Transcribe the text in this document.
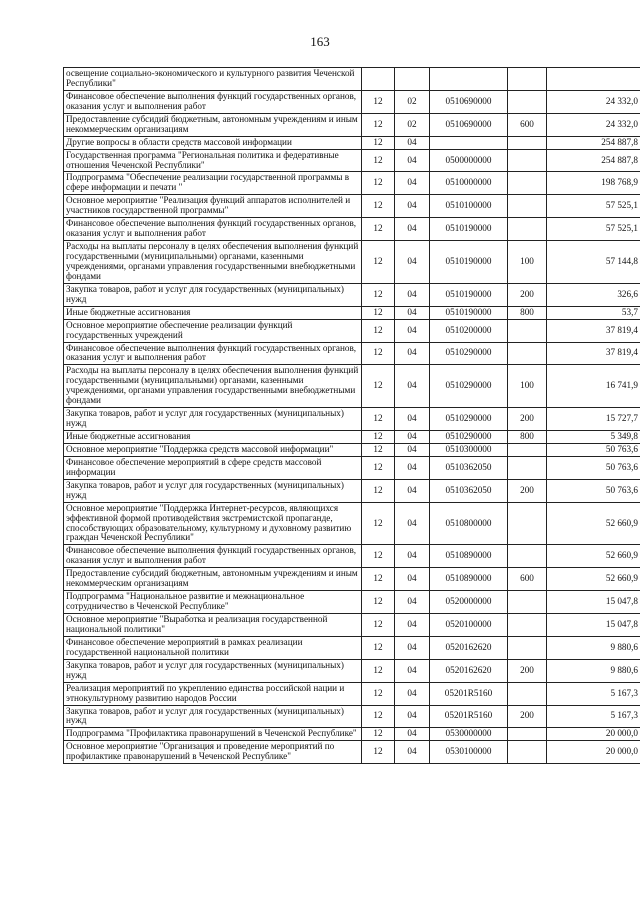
163
освещение социально-экономического и культурного развития Чеченской Республики"					
Финансовое обеспечение выполнения функций государственных органов, оказания услуг и выполнения работ	12	02	0510690000		24 332,0
Предоставление субсидий бюджетным, автономным учреждениям и иным некоммерческим организациям	12	02	0510690000	600	24 332,0
Другие вопросы в области средств массовой информации	12	04			254 887,8
Государственная программа "Региональная политика и федеративные отношения Чеченской Республики"	12	04	0500000000		254 887,8
Подпрограмма "Обеспечение реализации государственной программы в сфере информации и печати "	12	04	0510000000		198 768,9
Основное мероприятие "Реализация функций аппаратов исполнителей и участников государственной программы"	12	04	0510100000		57 525,1
Финансовое обеспечение выполнения функций государственных органов, оказания услуг и выполнения работ	12	04	0510190000		57 525,1
Расходы на выплаты персоналу в целях обеспечения выполнения функций государственными (муниципальными) органами, казенными учреждениями, органами управления государственными внебюджетными фондами	12	04	0510190000	100	57 144,8
Закупка товаров, работ и услуг для государственных (муниципальных) нужд	12	04	0510190000	200	326,6
Иные бюджетные ассигнования	12	04	0510190000	800	53,7
Основное мероприятие обеспечение реализации функций государственных учреждений	12	04	0510200000		37 819,4
Финансовое обеспечение выполнения функций государственных органов, оказания услуг и выполнения работ	12	04	0510290000		37 819,4
Расходы на выплаты персоналу в целях обеспечения выполнения функций государственными (муниципальными) органами, казенными учреждениями, органами управления государственными внебюджетными фондами	12	04	0510290000	100	16 741,9
Закупка товаров, работ и услуг для государственных (муниципальных) нужд	12	04	0510290000	200	15 727,7
Иные бюджетные ассигнования	12	04	0510290000	800	5 349,8
Основное мероприятие "Поддержка средств массовой информации"	12	04	0510300000		50 763,6
Финансовое обеспечение мероприятий в сфере средств массовой информации	12	04	0510362050		50 763,6
Закупка товаров, работ и услуг для государственных (муниципальных) нужд	12	04	0510362050	200	50 763,6
Основное мероприятие "Поддержка Интернет-ресурсов, являющихся эффективной формой противодействия экстремистской пропаганде, способствующих образовательному, культурному и духовному развитию граждан Чеченской Республики"	12	04	0510800000		52 660,9
Финансовое обеспечение выполнения функций государственных органов, оказания услуг и выполнения работ	12	04	0510890000		52 660,9
Предоставление субсидий бюджетным, автономным учреждениям и иным некоммерческим организациям	12	04	0510890000	600	52 660,9
Подпрограмма "Национальное развитие и межнациональное сотрудничество в Чеченской Республике"	12	04	0520000000		15 047,8
Основное мероприятие "Выработка и реализация государственной национальной политики"	12	04	0520100000		15 047,8
Финансовое обеспечение мероприятий в рамках реализации государственной национальной политики	12	04	0520162620		9 880,6
Закупка товаров, работ и услуг для государственных (муниципальных) нужд	12	04	0520162620	200	9 880,6
Реализация мероприятий по укреплению единства российской нации и этнокультурному развитию народов России	12	04	05201R5160		5 167,3
Закупка товаров, работ и услуг для государственных (муниципальных) нужд	12	04	05201R5160	200	5 167,3
Подпрограмма "Профилактика правонарушений в Чеченской Республике"	12	04	0530000000		20 000,0
Основное мероприятие "Организация и проведение мероприятий по профилактике правонарушений в Чеченской Республике"	12	04	0530100000		20 000,0
